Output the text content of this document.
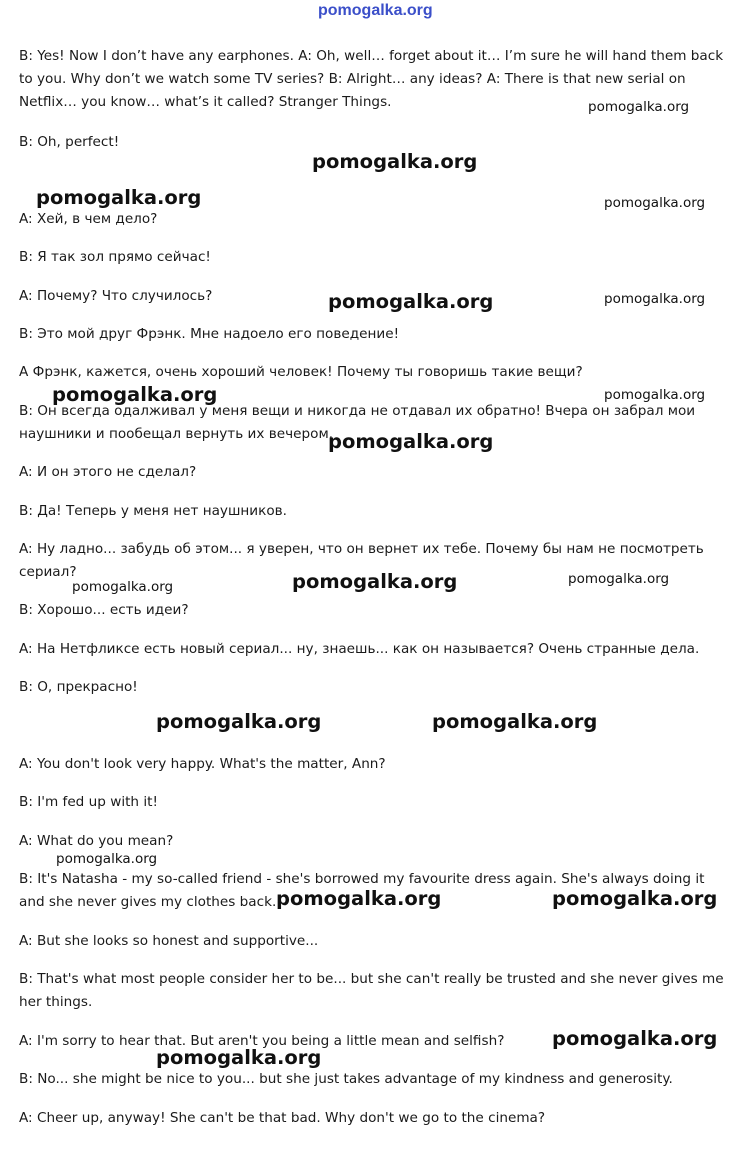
pomogalka.org

B: Yes! Now I don’t have any earphones. A: Oh, well… forget about it… I’m sure he will hand them back to you. Why don’t we watch some TV series? B: Alright… any ideas? A: There is that new serial on Netflix… you know… what’s it called? Stranger Things.

B: Oh, perfect!

A: Хей, в чем дело?

B: Я так зол прямо сейчас!

A: Почему? Что случилось?

B: Это мой друг Фрэнк. Мне надоело его поведение!

A Фрэнк, кажется, очень хороший человек! Почему ты говоришь такие вещи?

B: Он всегда одалживал у меня вещи и никогда не отдавал их обратно! Вчера он забрал мои наушники и пообещал вернуть их вечером.

A: И он этого не сделал?

B: Да! Теперь у меня нет наушников.

A: Ну ладно... забудь об этом... я уверен, что он вернет их тебе. Почему бы нам не посмотреть сериал?

B: Хорошо... есть идеи?

A: На Нетфликсе есть новый сериал... ну, знаешь... как он называется? Очень странные дела.

B: О, прекрасно!

A: You don't look very happy. What's the matter, Ann?

B: I'm fed up with it!

A: What do you mean?

B: It's Natasha - my so-called friend - she's borrowed my favourite dress again. She's always doing it and she never gives my clothes back.

A: But she looks so honest and supportive...

B: That's what most people consider her to be... but she can't really be trusted and she never gives me her things.

A: I'm sorry to hear that. But aren't you being a little mean and selfish?

B: No... she might be nice to you... but she just takes advantage of my kindness and generosity.

A: Cheer up, anyway! She can't be that bad. Why don't we go to the cinema?

pomogalka.org
pomogalka.org
pomogalka.org	pomogalka.org
pomogalka.org	pomogalka.org
pomogalka.org	pomogalka.org
pomogalka.org
pomogalka.org	pomogalka.org
pomogalka.org
pomogalka.org	pomogalka.org
pomogalka.org
pomogalka.org	pomogalka.org
pomogalka.org
pomogalka.org
